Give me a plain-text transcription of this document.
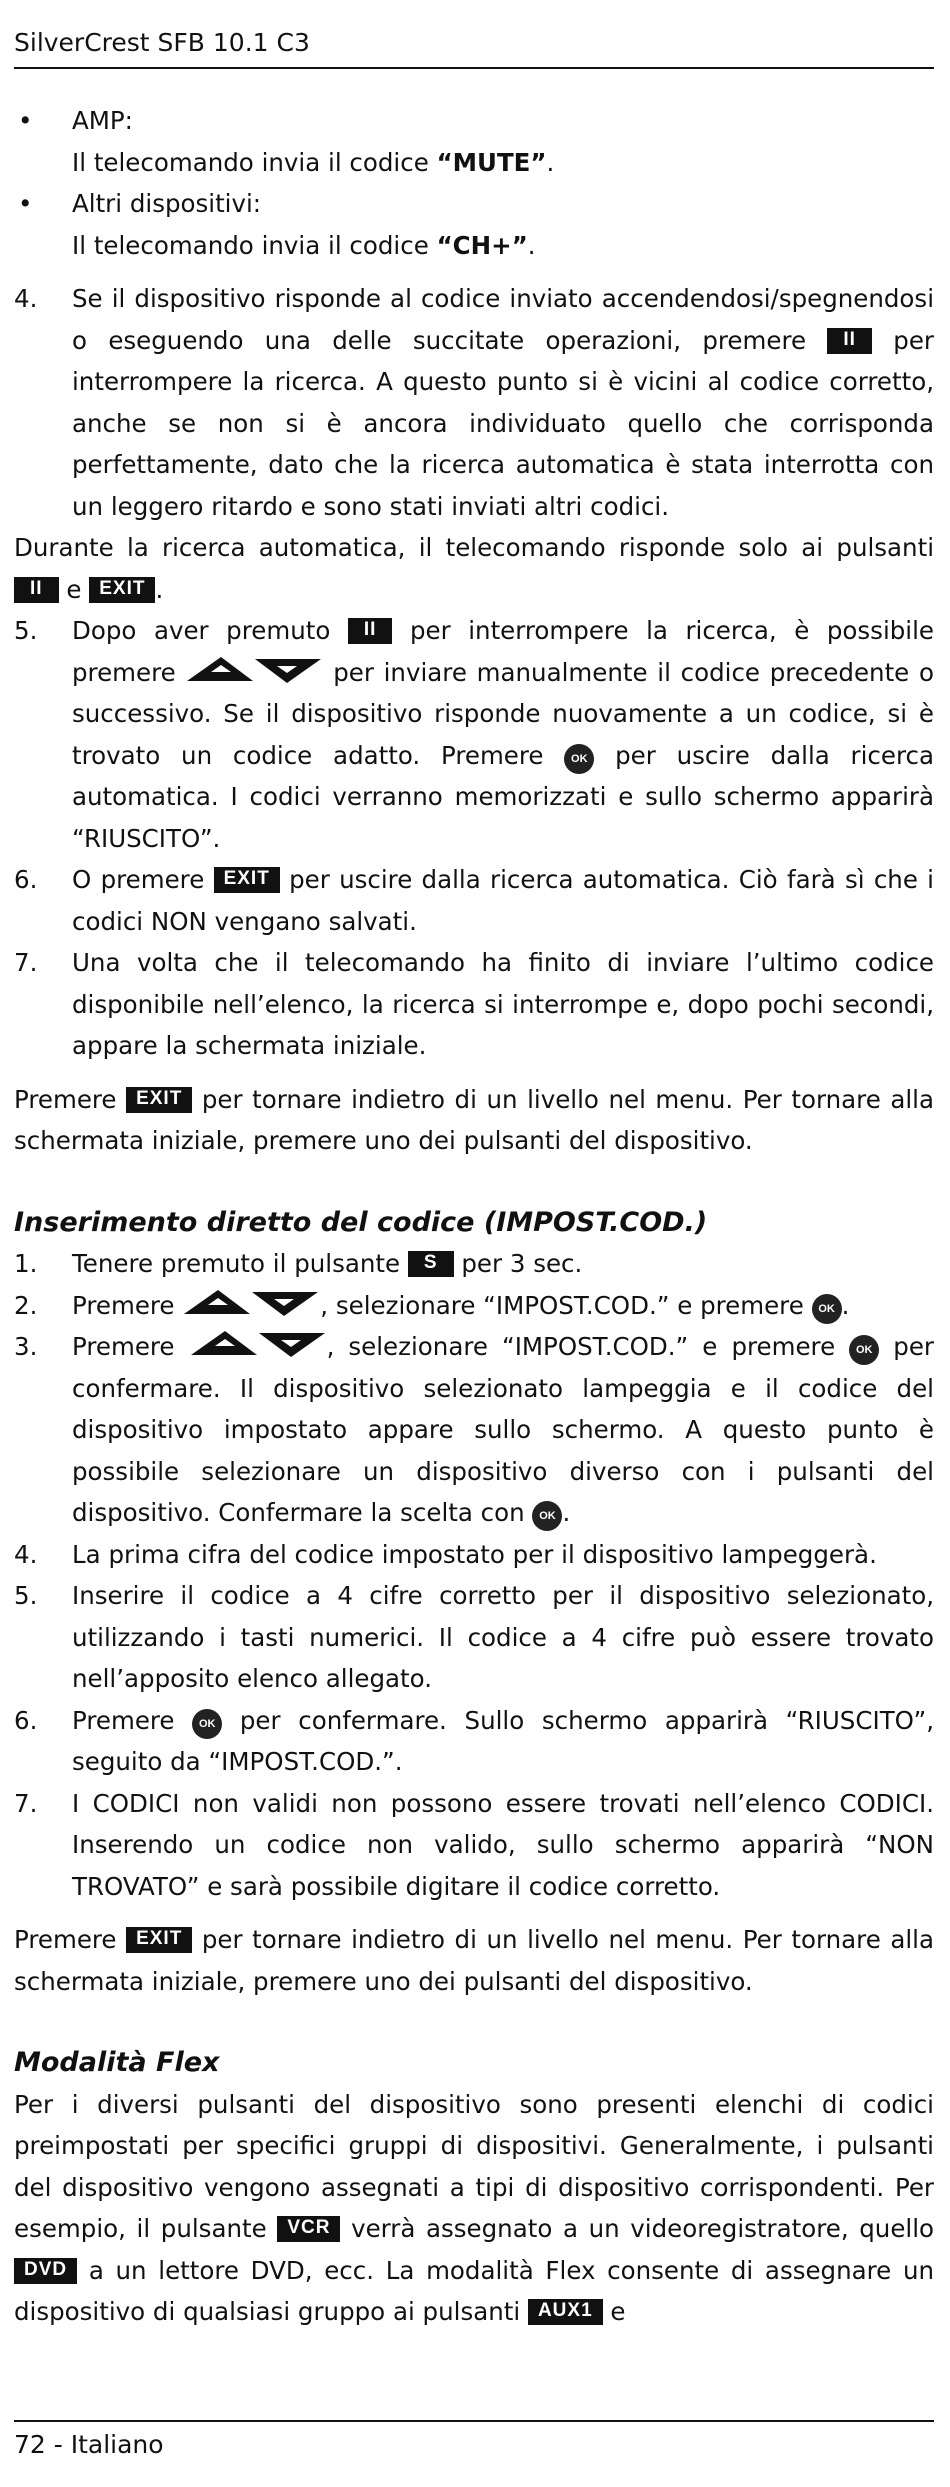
SilverCrest SFB 10.1 C3
• AMP:
Il telecomando invia il codice “MUTE”.
• Altri dispositivi:
Il telecomando invia il codice “CH+”.
4. Se il dispositivo risponde al codice inviato accendendosi/spegnendosi o eseguendo una delle succitate operazioni, premere II per interrompere la ricerca. A questo punto si è vicini al codice corretto, anche se non si è ancora individuato quello che corrisponda perfettamente, dato che la ricerca automatica è stata interrotta con un leggero ritardo e sono stati inviati altri codici.
Durante la ricerca automatica, il telecomando risponde solo ai pulsanti II e EXIT .
5. Dopo aver premuto II per interrompere la ricerca, è possibile premere	per inviare manualmente il codice precedente o successivo. Se il dispositivo risponde nuovamente a un codice, si è trovato un codice adatto. Premere OK per uscire dalla ricerca automatica. I codici verranno memorizzati e sullo schermo apparirà “RIUSCITO”.
6. O premere EXIT per uscire dalla ricerca automatica. Ciò farà sì che i codici NON vengano salvati.
7. Una volta che il telecomando ha finito di inviare l’ultimo codice disponibile nell’elenco, la ricerca si interrompe e, dopo pochi secondi, appare la schermata iniziale.
Premere EXIT per tornare indietro di un livello nel menu. Per tornare alla schermata iniziale, premere uno dei pulsanti del dispositivo.
Inserimento diretto del codice (IMPOST.COD.)
1. Tenere premuto il pulsante S per 3 sec.
2. Premere	, selezionare “IMPOST.COD.” e premere OK .
3. Premere	, selezionare “IMPOST.COD.” e premere OK per confermare. Il dispositivo selezionato lampeggia e il codice del dispositivo impostato appare sullo schermo. A questo punto è possibile selezionare un dispositivo diverso con i pulsanti del dispositivo. Confermare la scelta con OK .
4. La prima cifra del codice impostato per il dispositivo lampeggerà.
5. Inserire il codice a 4 cifre corretto per il dispositivo selezionato, utilizzando i tasti numerici. Il codice a 4 cifre può essere trovato nell’apposito elenco allegato.
6. Premere OK per confermare. Sullo schermo apparirà “RIUSCITO”, seguito da “IMPOST.COD.”.
7. I CODICI non validi non possono essere trovati nell’elenco CODICI. Inserendo un codice non valido, sullo schermo apparirà “NON TROVATO” e sarà possibile digitare il codice corretto.
Premere EXIT per tornare indietro di un livello nel menu. Per tornare alla schermata iniziale, premere uno dei pulsanti del dispositivo.
Modalità Flex
Per i diversi pulsanti del dispositivo sono presenti elenchi di codici preimpostati per specifici gruppi di dispositivi. Generalmente, i pulsanti del dispositivo vengono assegnati a tipi di dispositivo corrispondenti. Per esempio, il pulsante VCR verrà assegnato a un videoregistratore, quello DVD a un lettore DVD, ecc. La modalità Flex consente di assegnare un dispositivo di qualsiasi gruppo ai pulsanti AUX1 e
72 - Italiano
